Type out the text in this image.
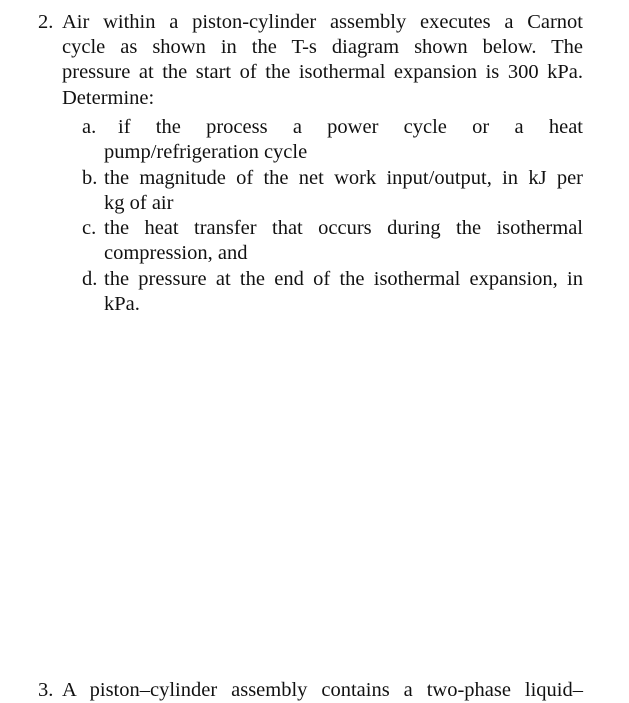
2. Air within a piston-cylinder assembly executes a Carnot
cycle as shown in the T-s diagram shown below. The
pressure at the start of the isothermal expansion is 300 kPa.
Determine:
a. if the process a power cycle or a heat
pump/refrigeration cycle
b. the magnitude of the net work input/output, in kJ per
kg of air
c. the heat transfer that occurs during the isothermal
compression, and
d. the pressure at the end of the isothermal expansion, in
kPa.
3. A piston–cylinder assembly contains a two-phase liquid–
